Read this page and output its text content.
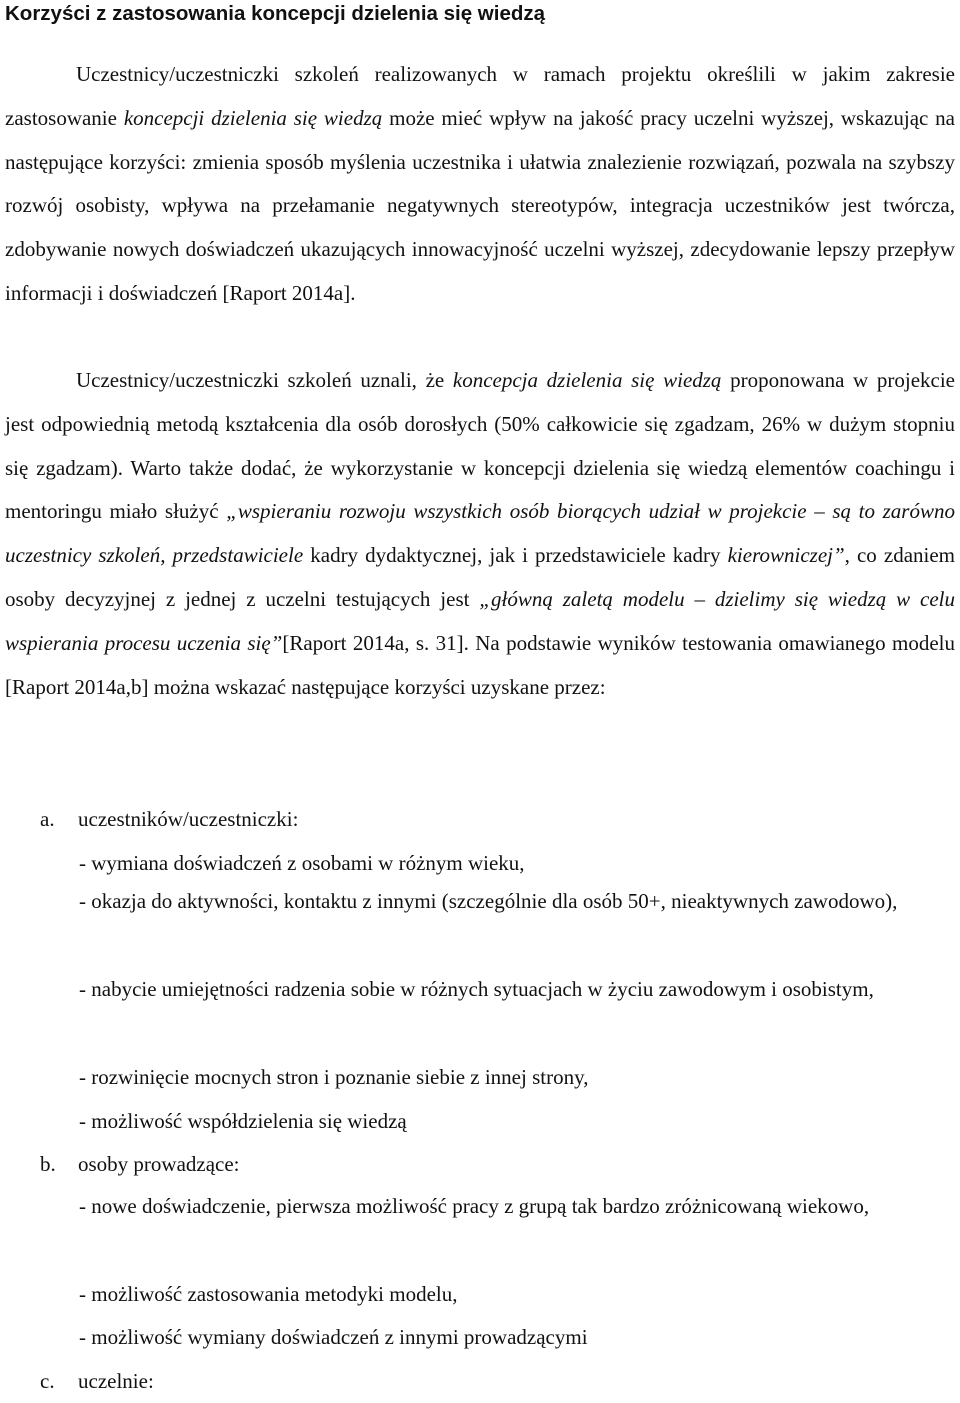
Korzyści z zastosowania koncepcji dzielenia się wiedzą

Uczestnicy/uczestniczki szkoleń realizowanych w ramach projektu określili w jakim zakresie zastosowanie koncepcji dzielenia się wiedzą może mieć wpływ na jakość pracy uczelni wyższej, wskazując na następujące korzyści: zmienia sposób myślenia uczestnika i ułatwia znalezienie rozwiązań, pozwala na szybszy rozwój osobisty, wpływa na przełamanie negatywnych stereotypów, integracja uczestników jest twórcza, zdobywanie nowych doświadczeń ukazujących innowacyjność uczelni wyższej, zdecydowanie lepszy przepływ informacji i doświadczeń [Raport 2014a].

Uczestnicy/uczestniczki szkoleń uznali, że koncepcja dzielenia się wiedzą proponowana w projekcie jest odpowiednią metodą kształcenia dla osób dorosłych (50% całkowicie się zgadzam, 26% w dużym stopniu się zgadzam). Warto także dodać, że wykorzystanie w koncepcji dzielenia się wiedzą elementów coachingu i mentoringu miało służyć „wspieraniu rozwoju wszystkich osób biorących udział w projekcie – są to zarówno uczestnicy szkoleń, przedstawiciele kadry dydaktycznej, jak i przedstawiciele kadry kierowniczej”, co zdaniem osoby decyzyjnej z jednej z uczelni testujących jest „główną zaletą modelu – dzielimy się wiedzą w celu wspierania procesu uczenia się”[Raport 2014a, s. 31]. Na podstawie wyników testowania omawianego modelu [Raport 2014a,b] można wskazać następujące korzyści uzyskane przez:

a. uczestników/uczestniczki:

- wymiana doświadczeń z osobami w różnym wieku,

- okazja do aktywności, kontaktu z innymi (szczególnie dla osób 50+, nieaktywnych zawodowo),

- nabycie umiejętności radzenia sobie w różnych sytuacjach w życiu zawodowym i osobistym,

- rozwinięcie mocnych stron i poznanie siebie z innej strony,

- możliwość współdzielenia się wiedzą

b. osoby prowadzące:

- nowe doświadczenie, pierwsza możliwość pracy z grupą tak bardzo zróżnicowaną wiekowo,

- możliwość zastosowania metodyki modelu,

- możliwość wymiany doświadczeń z innymi prowadzącymi

c. uczelnie:
